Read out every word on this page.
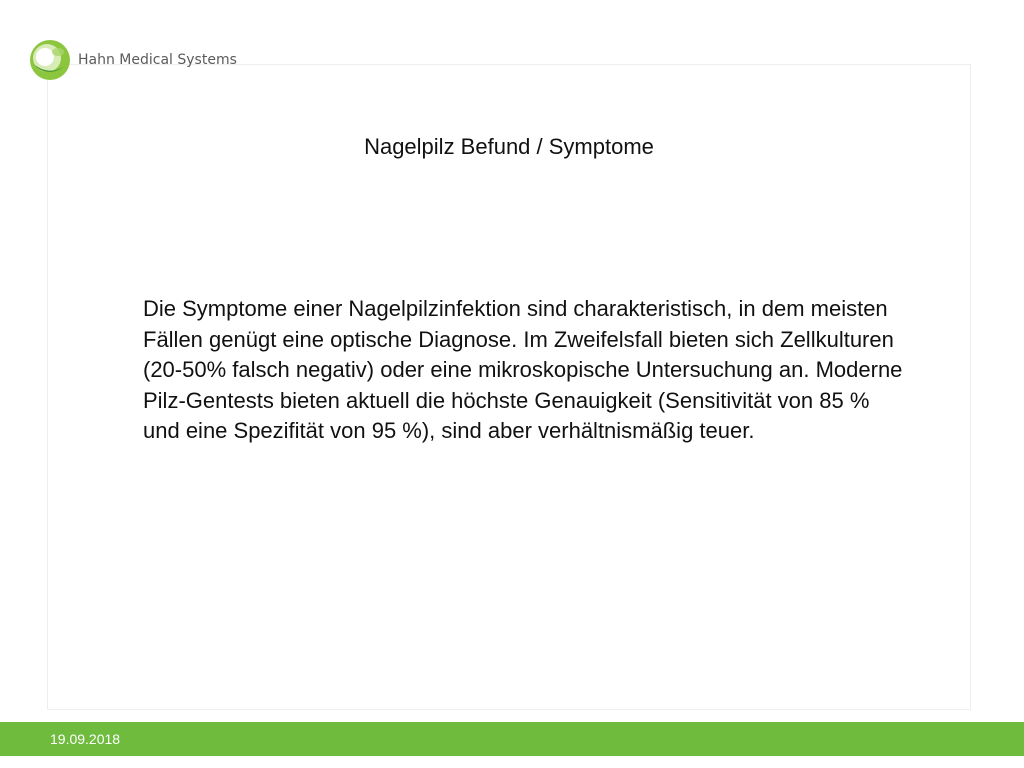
Hahn Medical Systems
Nagelpilz Befund / Symptome

Die Symptome einer Nagelpilzinfektion sind charakteristisch, in dem meisten Fällen genügt eine optische Diagnose. Im Zweifelsfall bieten sich Zellkulturen (20-50% falsch negativ) oder eine mikroskopische Untersuchung an. Moderne Pilz-Gentests bieten aktuell die höchste Genauigkeit (Sensitivität von 85 % und eine Spezifität von 95 %), sind aber verhältnismäßig teuer.

19.09.2018
